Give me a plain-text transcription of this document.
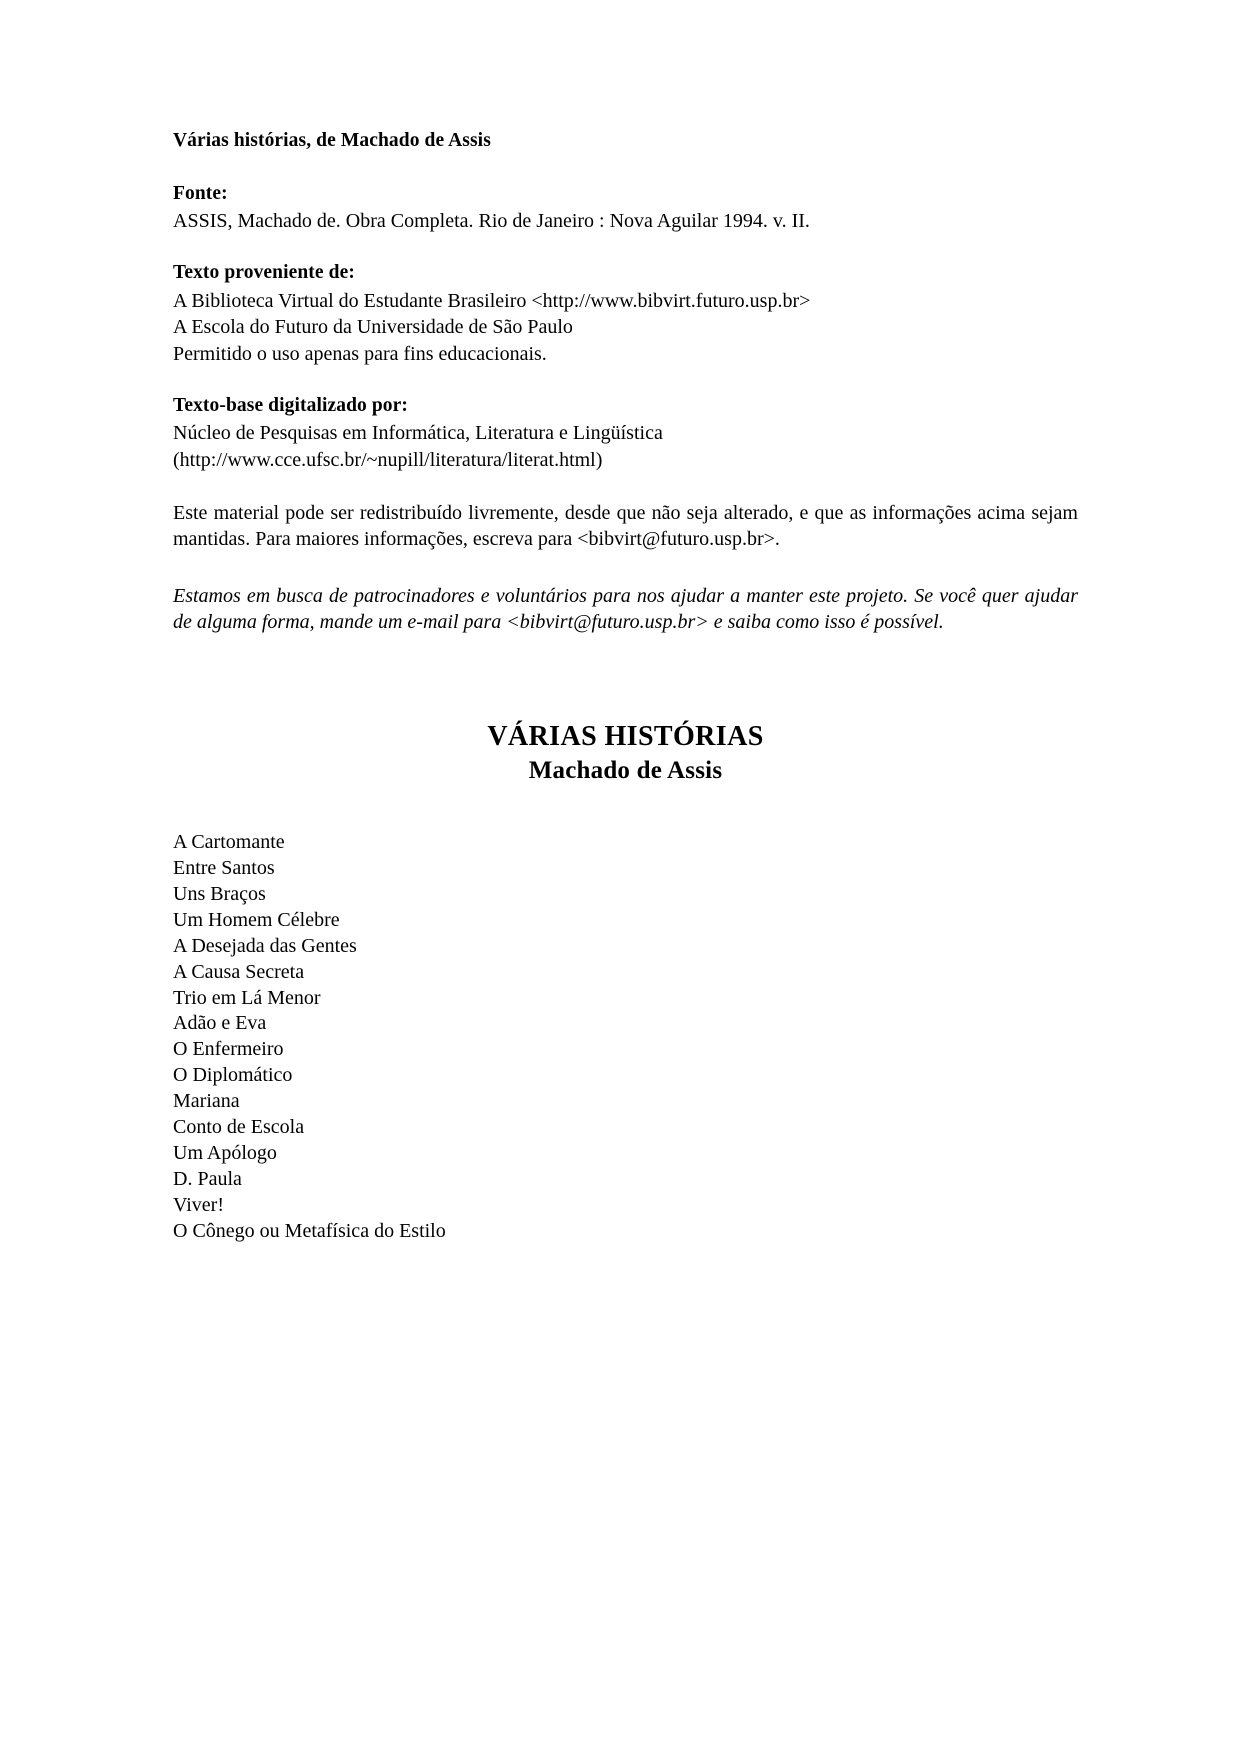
Várias histórias, de Machado de Assis

Fonte:

ASSIS, Machado de. Obra Completa. Rio de Janeiro : Nova Aguilar 1994. v. II.

Texto proveniente de:

A Biblioteca Virtual do Estudante Brasileiro <http://www.bibvirt.futuro.usp.br>

A Escola do Futuro da Universidade de São Paulo

Permitido o uso apenas para fins educacionais.

Texto-base digitalizado por:

Núcleo de Pesquisas em Informática, Literatura e Lingüística

(http://www.cce.ufsc.br/~nupill/literatura/literat.html)

Este material pode ser redistribuído livremente, desde que não seja alterado, e que as informações acima sejam mantidas. Para maiores informações, escreva para <bibvirt@futuro.usp.br>.

Estamos em busca de patrocinadores e voluntários para nos ajudar a manter este projeto. Se você quer ajudar de alguma forma, mande um e-mail para <bibvirt@futuro.usp.br> e saiba como isso é possível.

VÁRIAS HISTÓRIAS

Machado de Assis

A Cartomante
Entre Santos
Uns Braços
Um Homem Célebre
A Desejada das Gentes
A Causa Secreta
Trio em Lá Menor
Adão e Eva
O Enfermeiro
O Diplomático
Mariana
Conto de Escola
Um Apólogo
D. Paula
Viver!
O Cônego ou Metafísica do Estilo
